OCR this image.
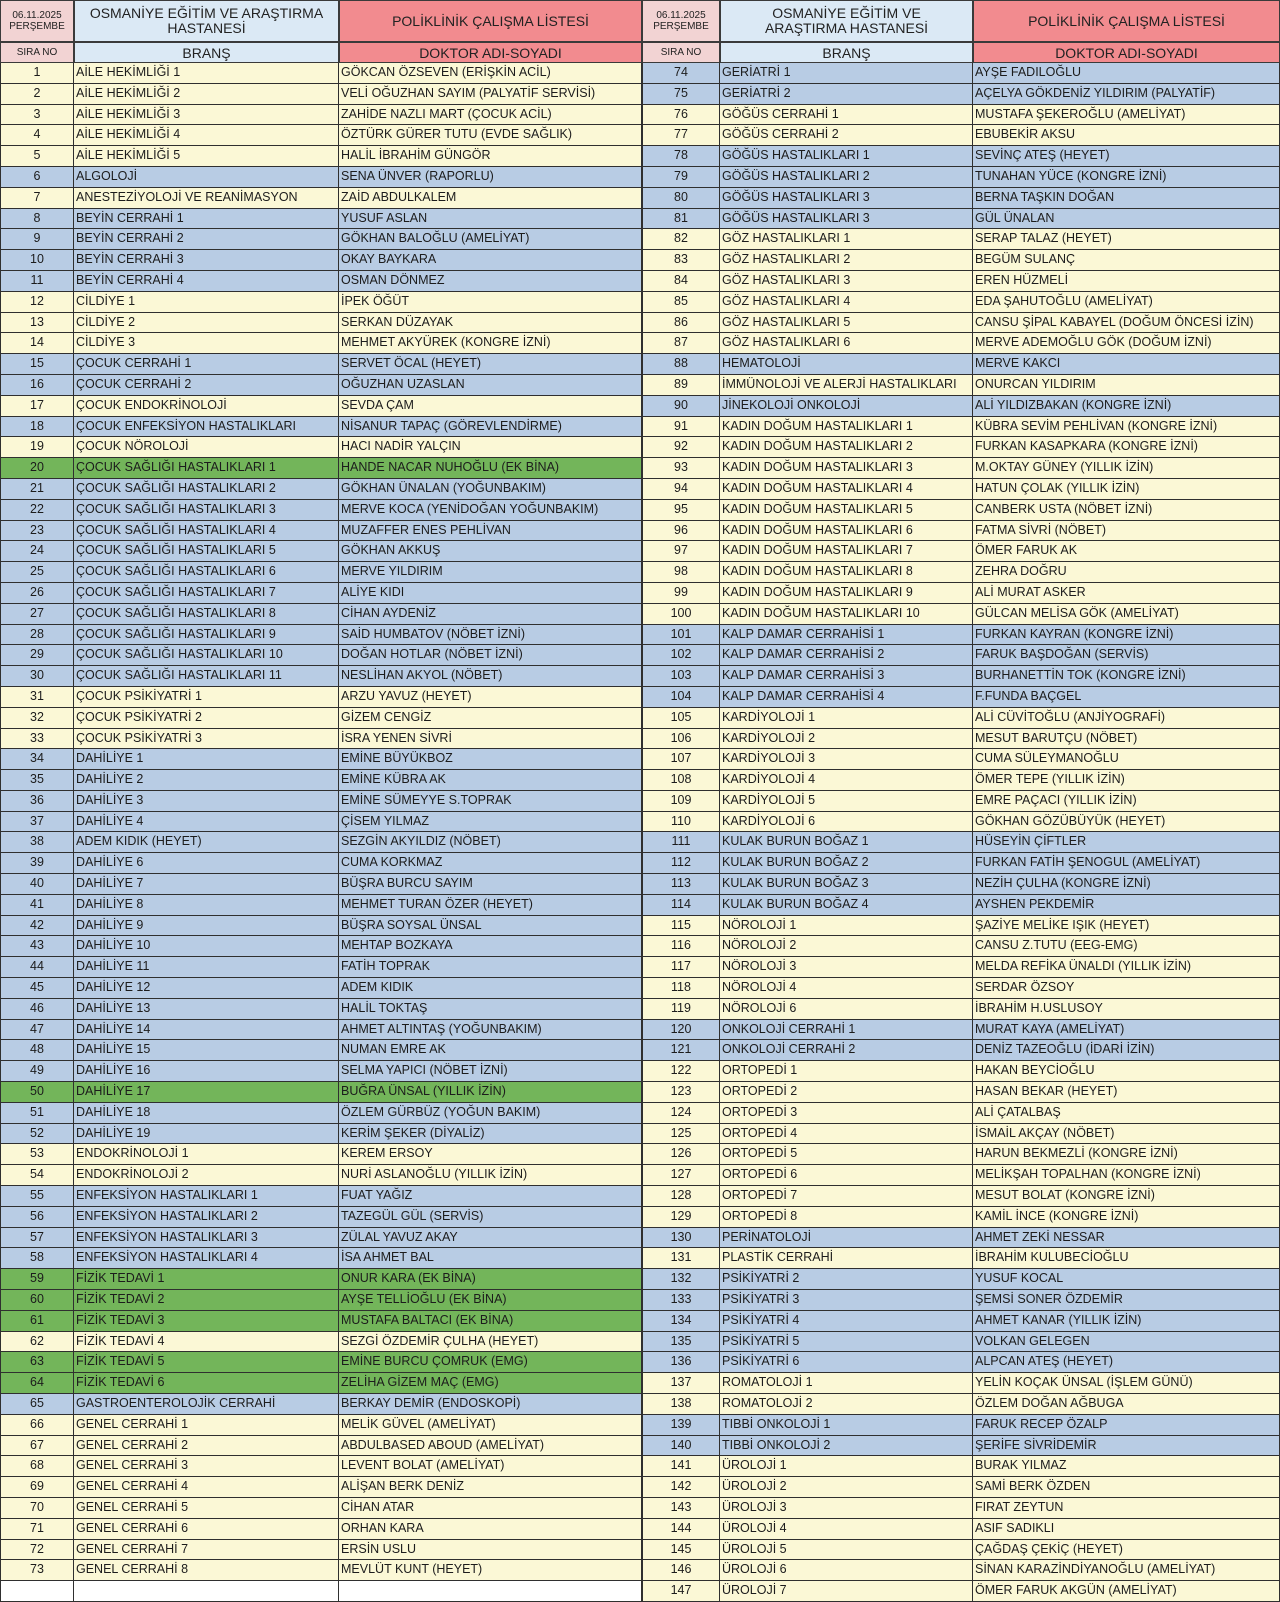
06.11.2025
PERŞEMBE
OSMANİYE EĞİTİM VE ARAŞTIRMA HASTANESİ	POLİKLİNİK ÇALIŞMA LİSTESİ
SIRA NO	BRANŞ	DOKTOR ADI-SOYADI
1	AİLE HEKİMLİĞİ 1	GÖKCAN ÖZSEVEN (ERİŞKİN ACİL)
2	AİLE HEKİMLİĞİ 2	VELİ OĞUZHAN SAYIM (PALYATİF SERVİSİ)
3	AİLE HEKİMLİĞİ 3	ZAHİDE NAZLI MART (ÇOCUK ACİL)
4	AİLE HEKİMLİĞİ 4	ÖZTÜRK GÜRER TUTU (EVDE SAĞLIK)
5	AİLE HEKİMLİĞİ 5	HALİL İBRAHİM GÜNGÖR
6	ALGOLOJİ	SENA ÜNVER (RAPORLU)
7	ANESTEZİYOLOJİ VE REANİMASYON	ZAİD ABDULKALEM
8	BEYİN CERRAHİ 1	YUSUF ASLAN
9	BEYİN CERRAHİ 2	GÖKHAN BALOĞLU (AMELİYAT)
10	BEYİN CERRAHİ 3	OKAY BAYKARA
11	BEYİN CERRAHİ 4	OSMAN DÖNMEZ
12	CİLDİYE 1	İPEK ÖĞÜT
13	CİLDİYE 2	SERKAN DÜZAYAK
14	CİLDİYE 3	MEHMET AKYÜREK (KONGRE İZNİ)
15	ÇOCUK CERRAHİ 1	SERVET ÖCAL (HEYET)
16	ÇOCUK CERRAHİ 2	OĞUZHAN UZASLAN
17	ÇOCUK ENDOKRİNOLOJİ	SEVDA ÇAM
18	ÇOCUK ENFEKSİYON HASTALIKLARI	NİSANUR TAPAÇ (GÖREVLENDİRME)
19	ÇOCUK NÖROLOJİ	HACI NADİR YALÇIN
20	ÇOCUK SAĞLIĞI HASTALIKLARI 1	HANDE NACAR NUHOĞLU (EK BİNA)
21	ÇOCUK SAĞLIĞI HASTALIKLARI 2	GÖKHAN ÜNALAN (YOĞUNBAKIM)
22	ÇOCUK SAĞLIĞI HASTALIKLARI 3	MERVE KOCA (YENİDOĞAN YOĞUNBAKIM)
23	ÇOCUK SAĞLIĞI HASTALIKLARI 4	MUZAFFER ENES PEHLİVAN
24	ÇOCUK SAĞLIĞI HASTALIKLARI 5	GÖKHAN AKKUŞ
25	ÇOCUK SAĞLIĞI HASTALIKLARI 6	MERVE YILDIRIM
26	ÇOCUK SAĞLIĞI HASTALIKLARI 7	ALİYE KIDI
27	ÇOCUK SAĞLIĞI HASTALIKLARI 8	CİHAN AYDENİZ
28	ÇOCUK SAĞLIĞI HASTALIKLARI 9	SAİD HUMBATOV (NÖBET İZNİ)
29	ÇOCUK SAĞLIĞI HASTALIKLARI 10	DOĞAN HOTLAR (NÖBET İZNİ)
30	ÇOCUK SAĞLIĞI HASTALIKLARI 11	NESLİHAN AKYOL (NÖBET)
31	ÇOCUK PSİKİYATRİ 1	ARZU YAVUZ (HEYET)
32	ÇOCUK PSİKİYATRİ 2	GİZEM CENGİZ
33	ÇOCUK PSİKİYATRİ 3	İSRA YENEN SİVRİ
34	DAHİLİYE 1	EMİNE BÜYÜKBOZ
35	DAHİLİYE 2	EMİNE KÜBRA AK
36	DAHİLİYE 3	EMİNE SÜMEYYE S.TOPRAK
37	DAHİLİYE 4	ÇİSEM YILMAZ
38	ADEM KIDIK (HEYET)	SEZGİN AKYILDIZ (NÖBET)
39	DAHİLİYE 6	CUMA KORKMAZ
40	DAHİLİYE 7	BÜŞRA BURCU SAYIM
41	DAHİLİYE 8	MEHMET TURAN ÖZER (HEYET)
42	DAHİLİYE 9	BÜŞRA SOYSAL ÜNSAL
43	DAHİLİYE 10	MEHTAP BOZKAYA
44	DAHİLİYE 11	FATİH TOPRAK
45	DAHİLİYE 12	ADEM KIDIK
46	DAHİLİYE 13	HALİL TOKTAŞ
47	DAHİLİYE 14	AHMET ALTINTAŞ (YOĞUNBAKIM)
48	DAHİLİYE 15	NUMAN EMRE AK
49	DAHİLİYE 16	SELMA YAPICI (NÖBET İZNİ)
50	DAHİLİYE 17	BUĞRA ÜNSAL (YILLIK İZİN)
51	DAHİLİYE 18	ÖZLEM GÜRBÜZ (YOĞUN BAKIM)
52	DAHİLİYE 19	KERİM ŞEKER (DİYALİZ)
53	ENDOKRİNOLOJİ 1	KEREM ERSOY
54	ENDOKRİNOLOJİ 2	NURİ ASLANOĞLU (YILLIK İZİN)
55	ENFEKSİYON HASTALIKLARI 1	FUAT YAĞIZ
56	ENFEKSİYON HASTALIKLARI 2	TAZEGÜL GÜL (SERVİS)
57	ENFEKSİYON HASTALIKLARI 3	ZÜLAL YAVUZ AKAY
58	ENFEKSİYON HASTALIKLARI 4	İSA AHMET BAL
59	FİZİK TEDAVİ 1	ONUR KARA (EK BİNA)
60	FİZİK TEDAVİ 2	AYŞE TELLİOĞLU (EK BİNA)
61	FİZİK TEDAVİ 3	MUSTAFA BALTACI (EK BİNA)
62	FİZİK TEDAVİ 4	SEZGİ ÖZDEMİR ÇULHA (HEYET)
63	FİZİK TEDAVİ 5	EMİNE BURCU ÇOMRUK (EMG)
64	FİZİK TEDAVİ 6	ZELİHA GİZEM MAÇ (EMG)
65	GASTROENTEROLOJİK CERRAHİ	BERKAY DEMİR (ENDOSKOPİ)
66	GENEL CERRAHİ 1	MELİK GÜVEL (AMELİYAT)
67	GENEL CERRAHİ 2	ABDULBASED ABOUD (AMELİYAT)
68	GENEL CERRAHİ 3	LEVENT BOLAT (AMELİYAT)
69	GENEL CERRAHİ 4	ALİŞAN BERK DENİZ
70	GENEL CERRAHİ 5	CİHAN ATAR
71	GENEL CERRAHİ 6	ORHAN KARA
72	GENEL CERRAHİ 7	ERSİN USLU
73	GENEL CERRAHİ 8	MEVLÜT KUNT (HEYET)
06.11.2025
PERŞEMBE
OSMANİYE EĞİTİM VE ARAŞTIRMA HASTANESİ	POLİKLİNİK ÇALIŞMA LİSTESİ
SIRA NO	BRANŞ	DOKTOR ADI-SOYADI
74	GERİATRİ 1	AYŞE FADILOĞLU
75	GERİATRİ 2	AÇELYA GÖKDENİZ YILDIRIM (PALYATİF)
76	GÖĞÜS CERRAHİ 1	MUSTAFA ŞEKEROĞLU (AMELİYAT)
77	GÖĞÜS CERRAHİ 2	EBUBEKİR AKSU
78	GÖĞÜS HASTALIKLARI 1	SEVİNÇ ATEŞ (HEYET)
79	GÖĞÜS HASTALIKLARI 2	TUNAHAN YÜCE (KONGRE İZNİ)
80	GÖĞÜS HASTALIKLARI 3	BERNA TAŞKIN DOĞAN
81	GÖĞÜS HASTALIKLARI 3	GÜL ÜNALAN
82	GÖZ HASTALIKLARI 1	SERAP TALAZ (HEYET)
83	GÖZ HASTALIKLARI 2	BEGÜM SULANÇ
84	GÖZ HASTALIKLARI 3	EREN HÜZMELİ
85	GÖZ HASTALIKLARI 4	EDA ŞAHUTOĞLU (AMELİYAT)
86	GÖZ HASTALIKLARI 5	CANSU ŞİPAL KABAYEL (DOĞUM ÖNCESİ İZİN)
87	GÖZ HASTALIKLARI 6	MERVE ADEMOĞLU GÖK (DOĞUM İZNİ)
88	HEMATOLOJİ	MERVE KAKCI
89	İMMÜNOLOJİ VE ALERJİ HASTALIKLARI	ONURCAN YILDIRIM
90	JİNEKOLOJİ ONKOLOJİ	ALİ YILDIZBAKAN (KONGRE İZNİ)
91	KADIN DOĞUM HASTALIKLARI 1	KÜBRA SEVİM PEHLİVAN (KONGRE İZNİ)
92	KADIN DOĞUM HASTALIKLARI 2	FURKAN KASAPKARA (KONGRE İZNİ)
93	KADIN DOĞUM HASTALIKLARI 3	M.OKTAY GÜNEY (YILLIK İZİN)
94	KADIN DOĞUM HASTALIKLARI 4	HATUN ÇOLAK (YILLIK İZİN)
95	KADIN DOĞUM HASTALIKLARI 5	CANBERK USTA (NÖBET İZNİ)
96	KADIN DOĞUM HASTALIKLARI 6	FATMA SİVRİ (NÖBET)
97	KADIN DOĞUM HASTALIKLARI 7	ÖMER FARUK AK
98	KADIN DOĞUM HASTALIKLARI 8	ZEHRA DOĞRU
99	KADIN DOĞUM HASTALIKLARI 9	ALİ MURAT ASKER
100	KADIN DOĞUM HASTALIKLARI 10	GÜLCAN MELİSA GÖK (AMELİYAT)
101	KALP DAMAR CERRAHİSİ 1	FURKAN KAYRAN (KONGRE İZNİ)
102	KALP DAMAR CERRAHİSİ 2	FARUK BAŞDOĞAN (SERVİS)
103	KALP DAMAR CERRAHİSİ 3	BURHANETTİN TOK (KONGRE İZNİ)
104	KALP DAMAR CERRAHİSİ 4	F.FUNDA BAÇGEL
105	KARDİYOLOJİ 1	ALİ CÜVİTOĞLU (ANJİYOGRAFİ)
106	KARDİYOLOJİ 2	MESUT BARUTÇU (NÖBET)
107	KARDİYOLOJİ 3	CUMA SÜLEYMANOĞLU
108	KARDİYOLOJİ 4	ÖMER TEPE (YILLIK İZİN)
109	KARDİYOLOJİ 5	EMRE PAÇACI (YILLIK İZİN)
110	KARDİYOLOJİ 6	GÖKHAN GÖZÜBÜYÜK (HEYET)
111	KULAK BURUN BOĞAZ 1	HÜSEYİN ÇİFTLER
112	KULAK BURUN BOĞAZ 2	FURKAN FATİH ŞENOGUL (AMELİYAT)
113	KULAK BURUN BOĞAZ 3	NEZİH ÇULHA (KONGRE İZNİ)
114	KULAK BURUN BOĞAZ 4	AYSHEN PEKDEMİR
115	NÖROLOJİ 1	ŞAZİYE MELİKE IŞIK (HEYET)
116	NÖROLOJİ 2	CANSU Z.TUTU (EEG-EMG)
117	NÖROLOJİ 3	MELDA REFİKA ÜNALDI (YILLIK İZİN)
118	NÖROLOJİ 4	SERDAR ÖZSOY
119	NÖROLOJİ 6	İBRAHİM H.USLUSOY
120	ONKOLOJİ CERRAHİ 1	MURAT KAYA (AMELİYAT)
121	ONKOLOJİ CERRAHİ 2	DENİZ TAZEOĞLU (İDARİ İZİN)
122	ORTOPEDİ 1	HAKAN BEYCİOĞLU
123	ORTOPEDİ 2	HASAN BEKAR (HEYET)
124	ORTOPEDİ 3	ALİ ÇATALBAŞ
125	ORTOPEDİ 4	İSMAİL AKÇAY (NÖBET)
126	ORTOPEDİ 5	HARUN BEKMEZLİ (KONGRE İZNİ)
127	ORTOPEDİ 6	MELİKŞAH TOPALHAN (KONGRE İZNİ)
128	ORTOPEDİ 7	MESUT BOLAT (KONGRE İZNİ)
129	ORTOPEDİ 8	KAMİL İNCE (KONGRE İZNİ)
130	PERİNATOLOJİ	AHMET ZEKİ NESSAR
131	PLASTİK CERRAHİ	İBRAHİM KULUBECİOĞLU
132	PSİKİYATRİ 2	YUSUF KOCAL
133	PSİKİYATRİ 3	ŞEMSİ SONER ÖZDEMİR
134	PSİKİYATRİ 4	AHMET KANAR (YILLIK İZİN)
135	PSİKİYATRİ 5	VOLKAN GELEGEN
136	PSİKİYATRİ 6	ALPCAN ATEŞ (HEYET)
137	ROMATOLOJİ 1	YELİN KOÇAK ÜNSAL (İŞLEM GÜNÜ)
138	ROMATOLOJİ 2	ÖZLEM DOĞAN AĞBUGA
139	TIBBİ ONKOLOJİ 1	FARUK RECEP ÖZALP
140	TIBBİ ONKOLOJİ 2	ŞERİFE SİVRİDEMİR
141	ÜROLOJİ 1	BURAK YILMAZ
142	ÜROLOJİ 2	SAMİ BERK ÖZDEN
143	ÜROLOJİ 3	FIRAT ZEYTUN
144	ÜROLOJİ 4	ASIF SADIKLI
145	ÜROLOJİ 5	ÇAĞDAŞ ÇEKİÇ (HEYET)
146	ÜROLOJİ 6	SİNAN KARAZİNDİYANOĞLU (AMELİYAT)
147	ÜROLOJİ 7	ÖMER FARUK AKGÜN (AMELİYAT)
